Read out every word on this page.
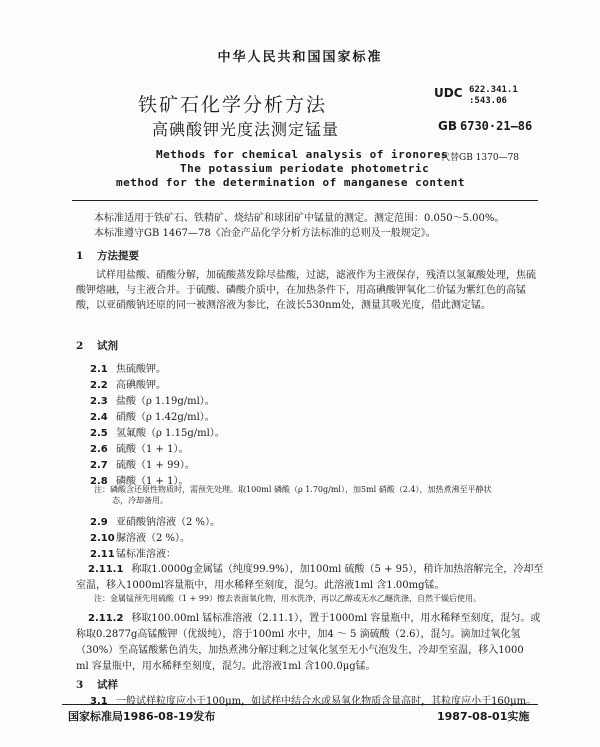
中华人民共和国国家标准
铁矿石化学分析方法
高碘酸钾光度法测定锰量
UDC 622.341.1
:543.06
GB 6730·21—86
Methods for chemical analysis of ironores
The potassium periodate photometric
method for the determination of manganese content
代替GB 1370—78
本标准适用于铁矿石、铁精矿、烧结矿和球团矿中锰量的测定。测定范围：0.050～5.00%。
本标准遵守GB 1467—78《冶金产品化学分析方法标准的总则及一般规定》。
1 方法提要
试样用盐酸、硝酸分解，加硫酸蒸发除尽盐酸，过滤，滤液作为主液保存，残渣以氢氟酸处理，焦硫酸钾熔融，与主液合并。于硫酸、磷酸介质中，在加热条件下，用高碘酸钾氧化二价锰为紫红色的高锰酸，以亚硝酸钠还原的同一被测溶液为参比，在波长530nm处，测量其吸光度，借此测定锰。
2 试剂
2.1 焦硫酸钾。
2.2 高碘酸钾。
2.3 盐酸（ρ 1.19g/ml）。
2.4 硝酸（ρ 1.42g/ml）。
2.5 氢氟酸（ρ 1.15g/ml）。
2.6 硫酸（1 + 1）。
2.7 硫酸（1 + 99）。
2.8 磷酸（1 + 1）。
注：磷酸含还原性物质时，需预先处理。取100ml 磷酸（ρ 1.70g/ml），加5ml 硝酸（2.4），加热煮沸至平静状
态，冷却备用。
2.9 亚硝酸钠溶液（2 %）。
2.10脲溶液（2 %）。
2.11锰标准溶液：
2.11.1 称取1.0000g金属锰（纯度99.9%），加100ml 硫酸（5 + 95），稍许加热溶解完全，冷却至
室温，移入1000ml容量瓶中，用水稀释至刻度，混匀。此溶液1ml 含1.00mg锰。
注：金属锰预先用硫酸（1 + 99）擦去表面氧化物，用水洗净，再以乙醇或无水乙醚洗涤，自然干燥后使用。
2.11.2 移取100.00ml 锰标准溶液（2.11.1），置于1000ml 容量瓶中，用水稀释至刻度，混匀。或
称取0.2877g高锰酸钾（优级纯），溶于100ml 水中，加4 ～ 5 滴硫酸（2.6），混匀。滴加过氧化氢
（30%）至高锰酸紫色消失，加热煮沸分解过剩之过氧化氢至无小气泡发生，冷却至室温，移入1000
ml 容量瓶中，用水稀释至刻度，混匀。此溶液1ml 含100.0μg锰。
3 试样
3.1 一般试样粒度应小于100μm，如试样中结合水或易氧化物质含量高时，其粒度应小于160μm。
国家标准局1986-08-19发布	1987-08-01实施
